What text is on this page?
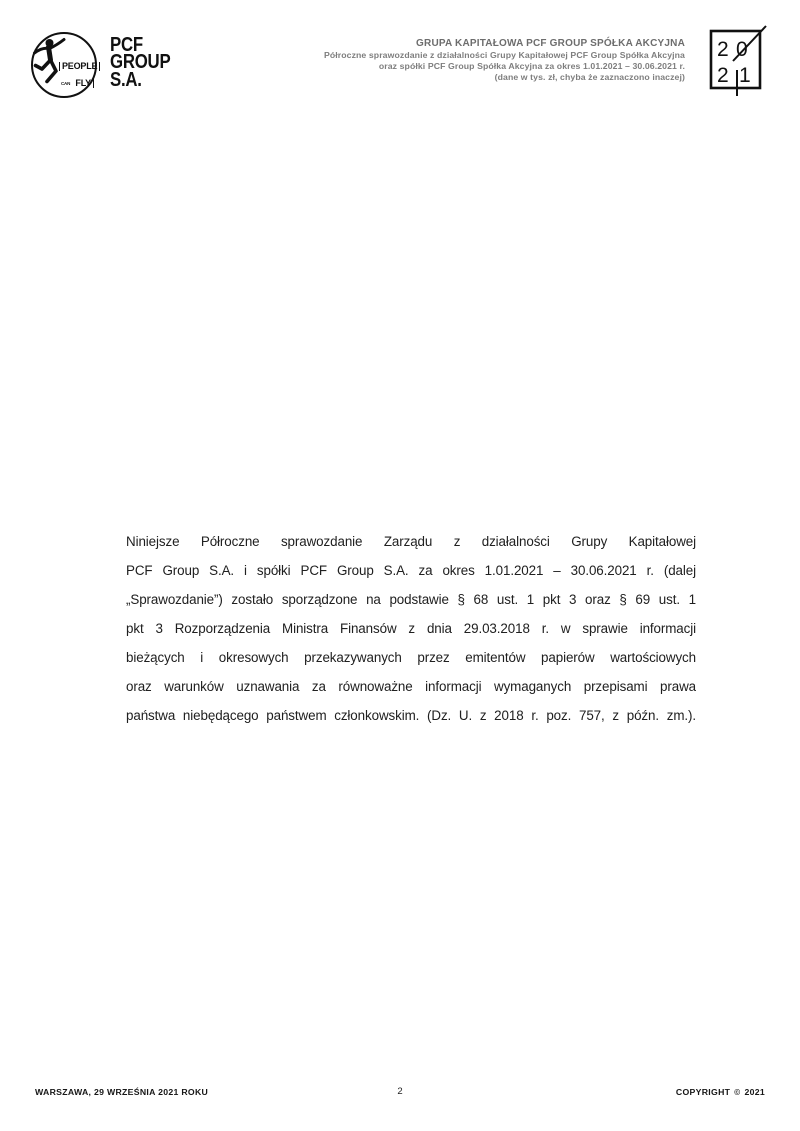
PEOPLE
CAN FLY
PCF
GROUP
S.A.
GRUPA KAPITAŁOWA PCF GROUP SPÓŁKA AKCYJNA
Półroczne sprawozdanie z działalności Grupy Kapitałowej PCF Group Spółka Akcyjna
oraz spółki PCF Group Spółka Akcyjna za okres 1.01.2021 – 30.06.2021 r.
(dane w tys. zł, chyba że zaznaczono inaczej)
2 0
2 1
Niniejsze Półroczne sprawozdanie Zarządu z działalności Grupy Kapitałowej
PCF Group S.A. i spółki PCF Group S.A. za okres 1.01.2021 – 30.06.2021 r. (dalej
„Sprawozdanie”) zostało sporządzone na podstawie § 68 ust. 1 pkt 3 oraz § 69 ust. 1
pkt 3 Rozporządzenia Ministra Finansów z dnia 29.03.2018 r. w sprawie informacji
bieżących i okresowych przekazywanych przez emitentów papierów wartościowych
oraz warunków uznawania za równoważne informacji wymaganych przepisami prawa
państwa niebędącego państwem członkowskim. (Dz. U. z 2018 r. poz. 757, z późn. zm.).
WARSZAWA, 29 WRZEŚNIA 2021 ROKU	2	COPYRIGHT © 2021
